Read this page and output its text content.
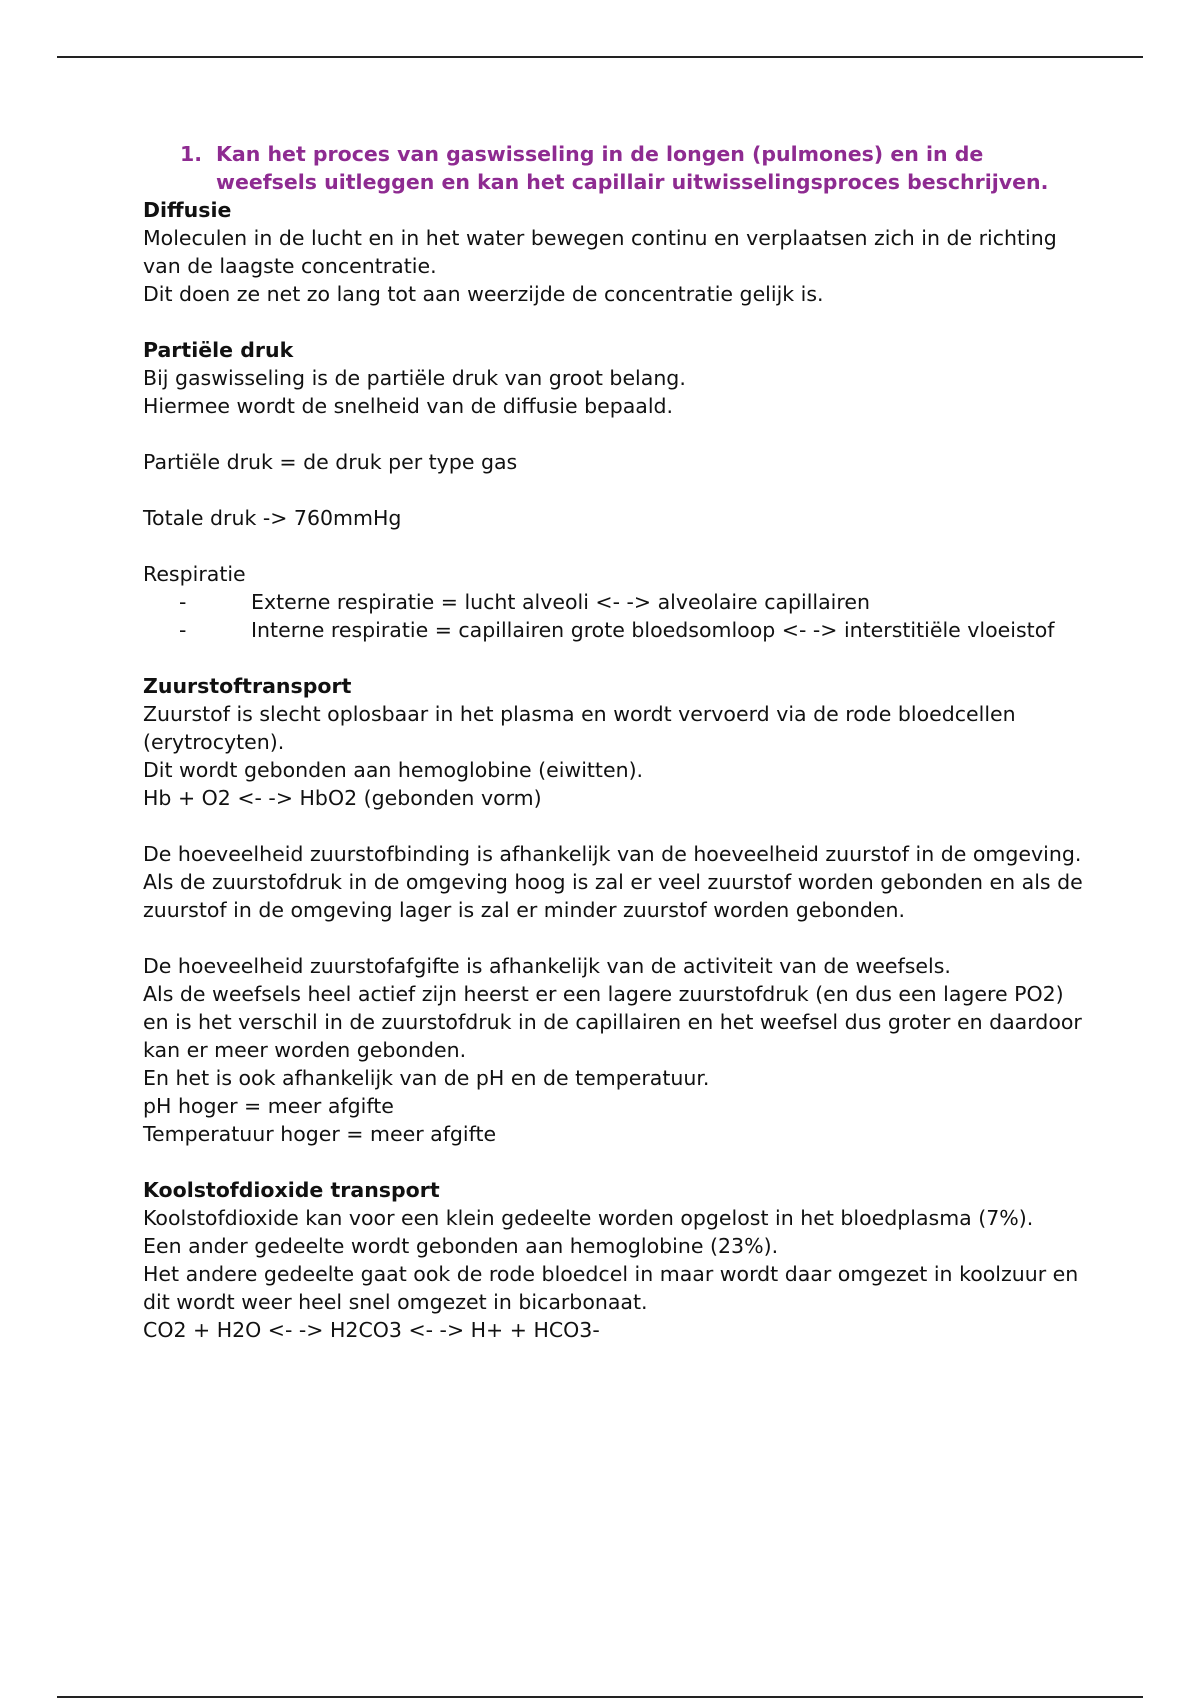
1. Kan het proces van gaswisseling in de longen (pulmones) en in de weefsels uitleggen en kan het capillair uitwisselingsproces beschrijven.
Diffusie
Moleculen in de lucht en in het water bewegen continu en verplaatsen zich in de richting van de laagste concentratie.
Dit doen ze net zo lang tot aan weerzijde de concentratie gelijk is.
Partiële druk
Bij gaswisseling is de partiële druk van groot belang.
Hiermee wordt de snelheid van de diffusie bepaald.
Partiële druk = de druk per type gas
Totale druk -> 760mmHg
Respiratie
-	Externe respiratie = lucht alveoli <- -> alveolaire capillairen
-	Interne respiratie = capillairen grote bloedsomloop <- -> interstitiële vloeistof
Zuurstoftransport
Zuurstof is slecht oplosbaar in het plasma en wordt vervoerd via de rode bloedcellen (erytrocyten).
Dit wordt gebonden aan hemoglobine (eiwitten).
Hb + O2 <- -> HbO2 (gebonden vorm)
De hoeveelheid zuurstofbinding is afhankelijk van de hoeveelheid zuurstof in de omgeving.
Als de zuurstofdruk in de omgeving hoog is zal er veel zuurstof worden gebonden en als de zuurstof in de omgeving lager is zal er minder zuurstof worden gebonden.
De hoeveelheid zuurstofafgifte is afhankelijk van de activiteit van de weefsels.
Als de weefsels heel actief zijn heerst er een lagere zuurstofdruk (en dus een lagere PO2) en is het verschil in de zuurstofdruk in de capillairen en het weefsel dus groter en daardoor kan er meer worden gebonden.
En het is ook afhankelijk van de pH en de temperatuur.
pH hoger = meer afgifte
Temperatuur hoger = meer afgifte
Koolstofdioxide transport
Koolstofdioxide kan voor een klein gedeelte worden opgelost in het bloedplasma (7%).
Een ander gedeelte wordt gebonden aan hemoglobine (23%).
Het andere gedeelte gaat ook de rode bloedcel in maar wordt daar omgezet in koolzuur en dit wordt weer heel snel omgezet in bicarbonaat.
CO2 + H2O <- -> H2CO3 <- -> H+ + HCO3-
